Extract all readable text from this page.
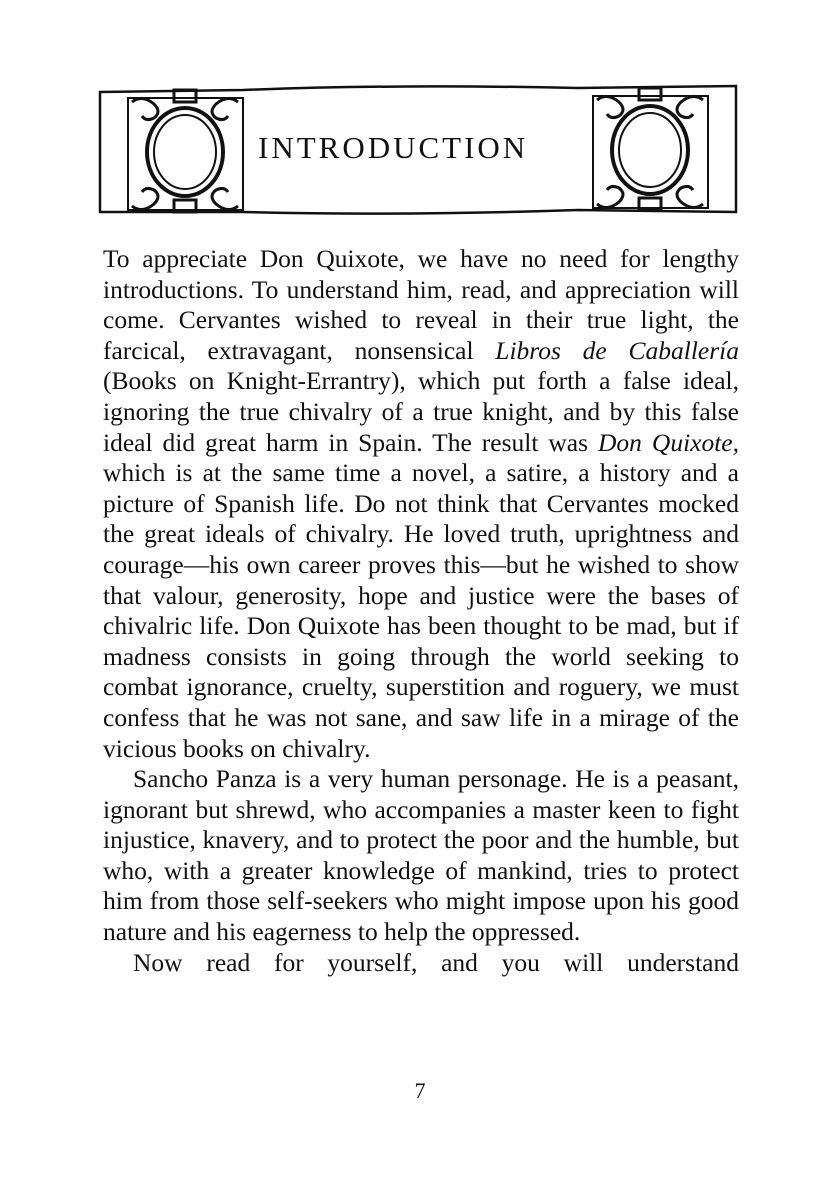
INTRODUCTION

To appreciate Don Quixote, we have no need for lengthy introductions. To understand him, read, and appreciation will come. Cervantes wished to reveal in their true light, the farcical, extravagant, nonsensical Libros de Caballería (Books on Knight-Errantry), which put forth a false ideal, ignoring the true chivalry of a true knight, and by this false ideal did great harm in Spain. The result was Don Quixote, which is at the same time a novel, a satire, a history and a picture of Spanish life. Do not think that Cervantes mocked the great ideals of chivalry. He loved truth, uprightness and courage—his own career proves this—but he wished to show that valour, generosity, hope and justice were the bases of chivalric life. Don Quixote has been thought to be mad, but if madness consists in going through the world seeking to combat ignorance, cruelty, superstition and roguery, we must confess that he was not sane, and saw life in a mirage of the vicious books on chivalry.

Sancho Panza is a very human personage. He is a peasant, ignorant but shrewd, who accompanies a master keen to fight injustice, knavery, and to protect the poor and the humble, but who, with a greater knowledge of mankind, tries to protect him from those self-seekers who might impose upon his good nature and his eagerness to help the oppressed.

Now read for yourself, and you will understand

7
